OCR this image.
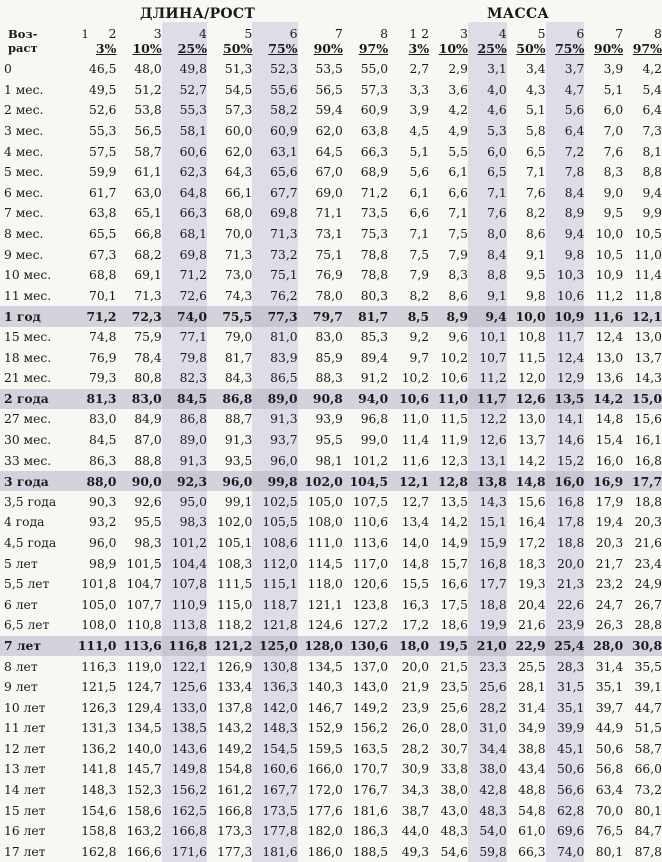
ДЛИНА/РОСТ	МАССА
Воз- 1	2	3	4	5	6	7	8		1 2	3	4	5	6	7	8
раст	3%	10%	25%	50%	75%	90%	97%		3%	10%	25%	50%	75%	90%	97%
0	46,5	48,0	49,8	51,3	52,3	53,5	55,0		2,7	2,9	3,1	3,4	3,7	3,9	4,2
1 мес.	49,5	51,2	52,7	54,5	55,6	56,5	57,3		3,3	3,6	4,0	4,3	4,7	5,1	5,4
2 мес.	52,6	53,8	55,3	57,3	58,2	59,4	60,9		3,9	4,2	4,6	5,1	5,6	6,0	6,4
3 мес.	55,3	56,5	58,1	60,0	60,9	62,0	63,8		4,5	4,9	5,3	5,8	6,4	7,0	7,3
4 мес.	57,5	58,7	60,6	62,0	63,1	64,5	66,3		5,1	5,5	6,0	6,5	7,2	7,6	8,1
5 мес.	59,9	61,1	62,3	64,3	65,6	67,0	68,9		5,6	6,1	6,5	7,1	7,8	8,3	8,8
6 мес.	61,7	63,0	64,8	66,1	67,7	69,0	71,2		6,1	6,6	7,1	7,6	8,4	9,0	9,4
7 мес.	63,8	65,1	66,3	68,0	69,8	71,1	73,5		6,6	7,1	7,6	8,2	8,9	9,5	9,9
8 мес.	65,5	66,8	68,1	70,0	71,3	73,1	75,3		7,1	7,5	8,0	8,6	9,4	10,0	10,5
9 мес.	67,3	68,2	69,8	71,3	73,2	75,1	78,8		7,5	7,9	8,4	9,1	9,8	10,5	11,0
10 мес.	68,8	69,1	71,2	73,0	75,1	76,9	78,8		7,9	8,3	8,8	9,5	10,3	10,9	11,4
11 мес.	70,1	71,3	72,6	74,3	76,2	78,0	80,3		8,2	8,6	9,1	9,8	10,6	11,2	11,8
1 год	71,2	72,3	74,0	75,5	77,3	79,7	81,7		8,5	8,9	9,4	10,0	10,9	11,6	12,1
15 мес.	74,8	75,9	77,1	79,0	81,0	83,0	85,3		9,2	9,6	10,1	10,8	11,7	12,4	13,0
18 мес.	76,9	78,4	79,8	81,7	83,9	85,9	89,4		9,7	10,2	10,7	11,5	12,4	13,0	13,7
21 мес.	79,3	80,8	82,3	84,3	86,5	88,3	91,2		10,2	10,6	11,2	12,0	12,9	13,6	14,3
2 года	81,3	83,0	84,5	86,8	89,0	90,8	94,0		10,6	11,0	11,7	12,6	13,5	14,2	15,0
27 мес.	83,0	84,9	86,8	88,7	91,3	93,9	96,8		11,0	11,5	12,2	13,0	14,1	14,8	15,6
30 мес.	84,5	87,0	89,0	91,3	93,7	95,5	99,0		11,4	11,9	12,6	13,7	14,6	15,4	16,1
33 мес.	86,3	88,8	91,3	93,5	96,0	98,1	101,2		11,6	12,3	13,1	14,2	15,2	16,0	16,8
3 года	88,0	90,0	92,3	96,0	99,8	102,0	104,5		12,1	12,8	13,8	14,8	16,0	16,9	17,7
3,5 года	90,3	92,6	95,0	99,1	102,5	105,0	107,5		12,7	13,5	14,3	15,6	16,8	17,9	18,8
4 года	93,2	95,5	98,3	102,0	105,5	108,0	110,6		13,4	14,2	15,1	16,4	17,8	19,4	20,3
4,5 года	96,0	98,3	101,2	105,1	108,6	111,0	113,6		14,0	14,9	15,9	17,2	18,8	20,3	21,6
5 лет	98,9	101,5	104,4	108,3	112,0	114,5	117,0		14,8	15,7	16,8	18,3	20,0	21,7	23,4
5,5 лет	101,8	104,7	107,8	111,5	115,1	118,0	120,6		15,5	16,6	17,7	19,3	21,3	23,2	24,9
6 лет	105,0	107,7	110,9	115,0	118,7	121,1	123,8		16,3	17,5	18,8	20,4	22,6	24,7	26,7
6,5 лет	108,0	110,8	113,8	118,2	121,8	124,6	127,2		17,2	18,6	19,9	21,6	23,9	26,3	28,8
7 лет	111,0	113,6	116,8	121,2	125,0	128,0	130,6		18,0	19,5	21,0	22,9	25,4	28,0	30,8
8 лет	116,3	119,0	122,1	126,9	130,8	134,5	137,0		20,0	21,5	23,3	25,5	28,3	31,4	35,5
9 лет	121,5	124,7	125,6	133,4	136,3	140,3	143,0		21,9	23,5	25,6	28,1	31,5	35,1	39,1
10 лет	126,3	129,4	133,0	137,8	142,0	146,7	149,2		23,9	25,6	28,2	31,4	35,1	39,7	44,7
11 лет	131,3	134,5	138,5	143,2	148,3	152,9	156,2		26,0	28,0	31,0	34,9	39,9	44,9	51,5
12 лет	136,2	140,0	143,6	149,2	154,5	159,5	163,5		28,2	30,7	34,4	38,8	45,1	50,6	58,7
13 лет	141,8	145,7	149,8	154,8	160,6	166,0	170,7		30,9	33,8	38,0	43,4	50,6	56,8	66,0
14 лет	148,3	152,3	156,2	161,2	167,7	172,0	176,7		34,3	38,0	42,8	48,8	56,6	63,4	73,2
15 лет	154,6	158,6	162,5	166,8	173,5	177,6	181,6		38,7	43,0	48,3	54,8	62,8	70,0	80,1
16 лет	158,8	163,2	166,8	173,3	177,8	182,0	186,3		44,0	48,3	54,0	61,0	69,6	76,5	84,7
17 лет	162,8	166,6	171,6	177,3	181,6	186,0	188,5		49,3	54,6	59,8	66,3	74,0	80,1	87,8
